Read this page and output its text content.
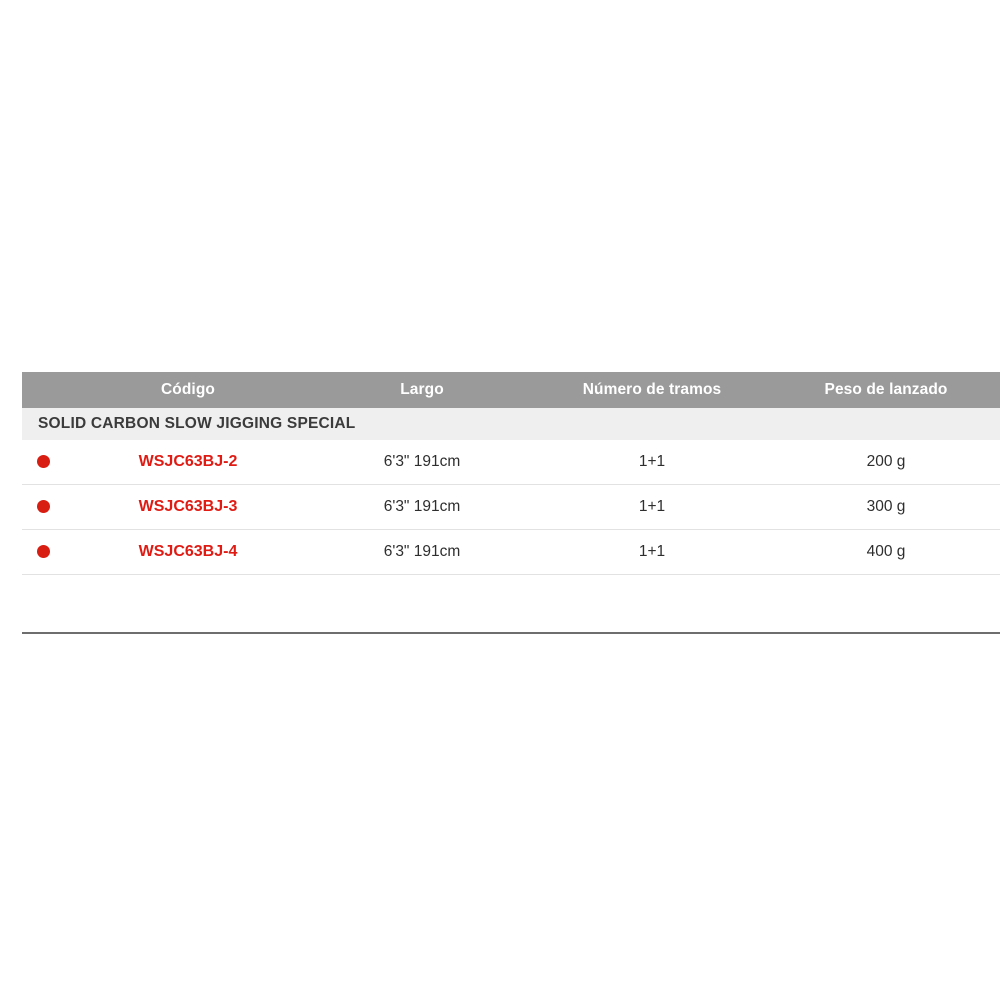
	Código	Largo	Número de tramos	Peso de lanzado
SOLID CARBON SLOW JIGGING SPECIAL				
	WSJC63BJ-2	6'3" 191cm	1+1	200 g
	WSJC63BJ-3	6'3" 191cm	1+1	300 g
	WSJC63BJ-4	6'3" 191cm	1+1	400 g
